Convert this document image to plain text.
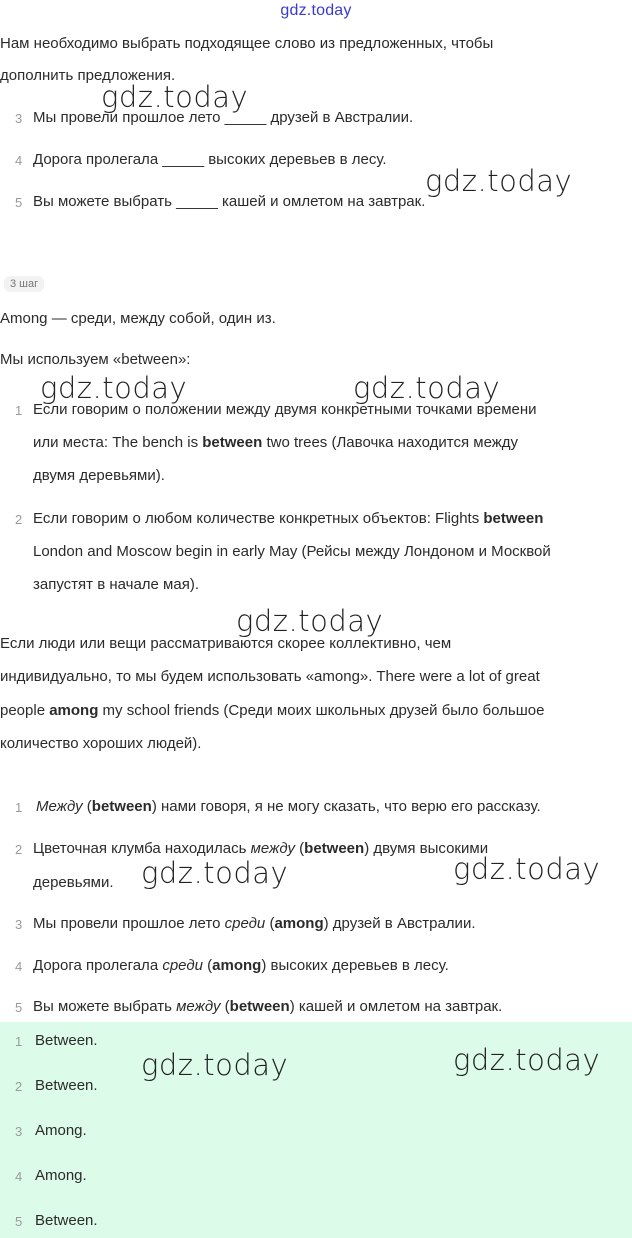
gdz.today
Нам необходимо выбрать подходящее слово из предложенных, чтобы
дополнить предложения.
3 Мы провели прошлое лето _____ друзей в Австралии.
4 Дорога пролегала _____ высоких деревьев в лесу.
5 Вы можете выбрать _____ кашей и омлетом на завтрак.
3 шаг
Among — среди, между собой, один из.
Мы используем «between»:
1 Если говорим о положении между двумя конкретными точками времени
или места: The bench is between two trees (Лавочка находится между
двумя деревьями).
2 Если говорим о любом количестве конкретных объектов: Flights between
London and Moscow begin in early May (Рейсы между Лондоном и Москвой
запустят в начале мая).
Если люди или вещи рассматриваются скорее коллективно, чем
индивидуально, то мы будем использовать «among». There were a lot of great
people among my school friends (Среди моих школьных друзей было большое
количество хороших людей).
1 Между (between) нами говоря, я не могу сказать, что верю его рассказу.
2 Цветочная клумба находилась между (between) двумя высокими
деревьями.
3 Мы провели прошлое лето среди (among) друзей в Австралии.
4 Дорога пролегала среди (among) высоких деревьев в лесу.
5 Вы можете выбрать между (between) кашей и омлетом на завтрак.
1 Between.
2 Between.
3 Among.
4 Among.
5 Between.
gdz.today
gdz.today
gdz.today	gdz.today
gdz.today
gdz.today	gdz.today
gdz.today	gdz.today
